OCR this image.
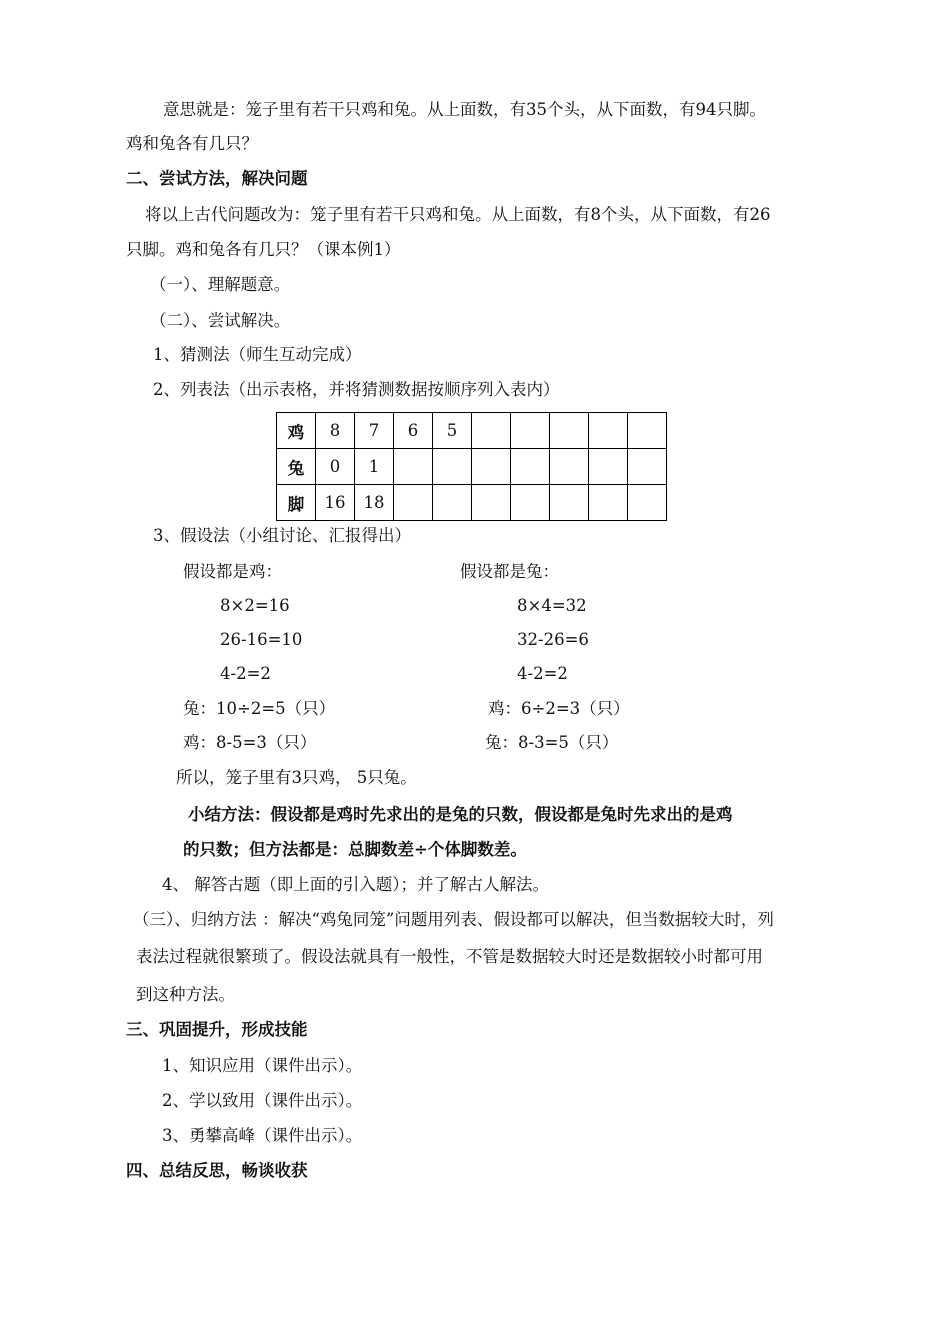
意思就是：笼子里有若干只鸡和兔。从上面数，有35个头，从下面数，有94只脚。
鸡和兔各有几只？
二、尝试方法，解决问题
将以上古代问题改为：笼子里有若干只鸡和兔。从上面数，有8个头，从下面数，有26
只脚。鸡和兔各有几只？（课本例1）
（一）、理解题意。
（二）、尝试解决。
1、猜测法（师生互动完成）
2、列表法（出示表格，并将猜测数据按顺序列入表内）
鸡	8	7	6	5					
兔	0	1							
脚	16	18							
3、假设法（小组讨论、汇报得出）
假设都是鸡：	假设都是兔：
8×2=16	8×4=32
26-16=10	32-26=6
4-2=2	4-2=2
兔：10÷2=5（只）	鸡：6÷2=3（只）
鸡：8-5=3（只）	兔：8-3=5（只）
所以，笼子里有3只鸡， 5只兔。
小结方法：假设都是鸡时先求出的是兔的只数，假设都是兔时先求出的是鸡
的只数；但方法都是：总脚数差÷个体脚数差。
4、 解答古题（即上面的引入题）；并了解古人解法。
（三）、归纳方法 ：解决“鸡兔同笼”问题用列表、假设都可以解决，但当数据较大时，列
表法过程就很繁琐了。假设法就具有一般性，不管是数据较大时还是数据较小时都可用
到这种方法。
三、巩固提升，形成技能
1、知识应用（课件出示）。
2、学以致用（课件出示）。
3、勇攀高峰（课件出示）。
四、总结反思，畅谈收获
